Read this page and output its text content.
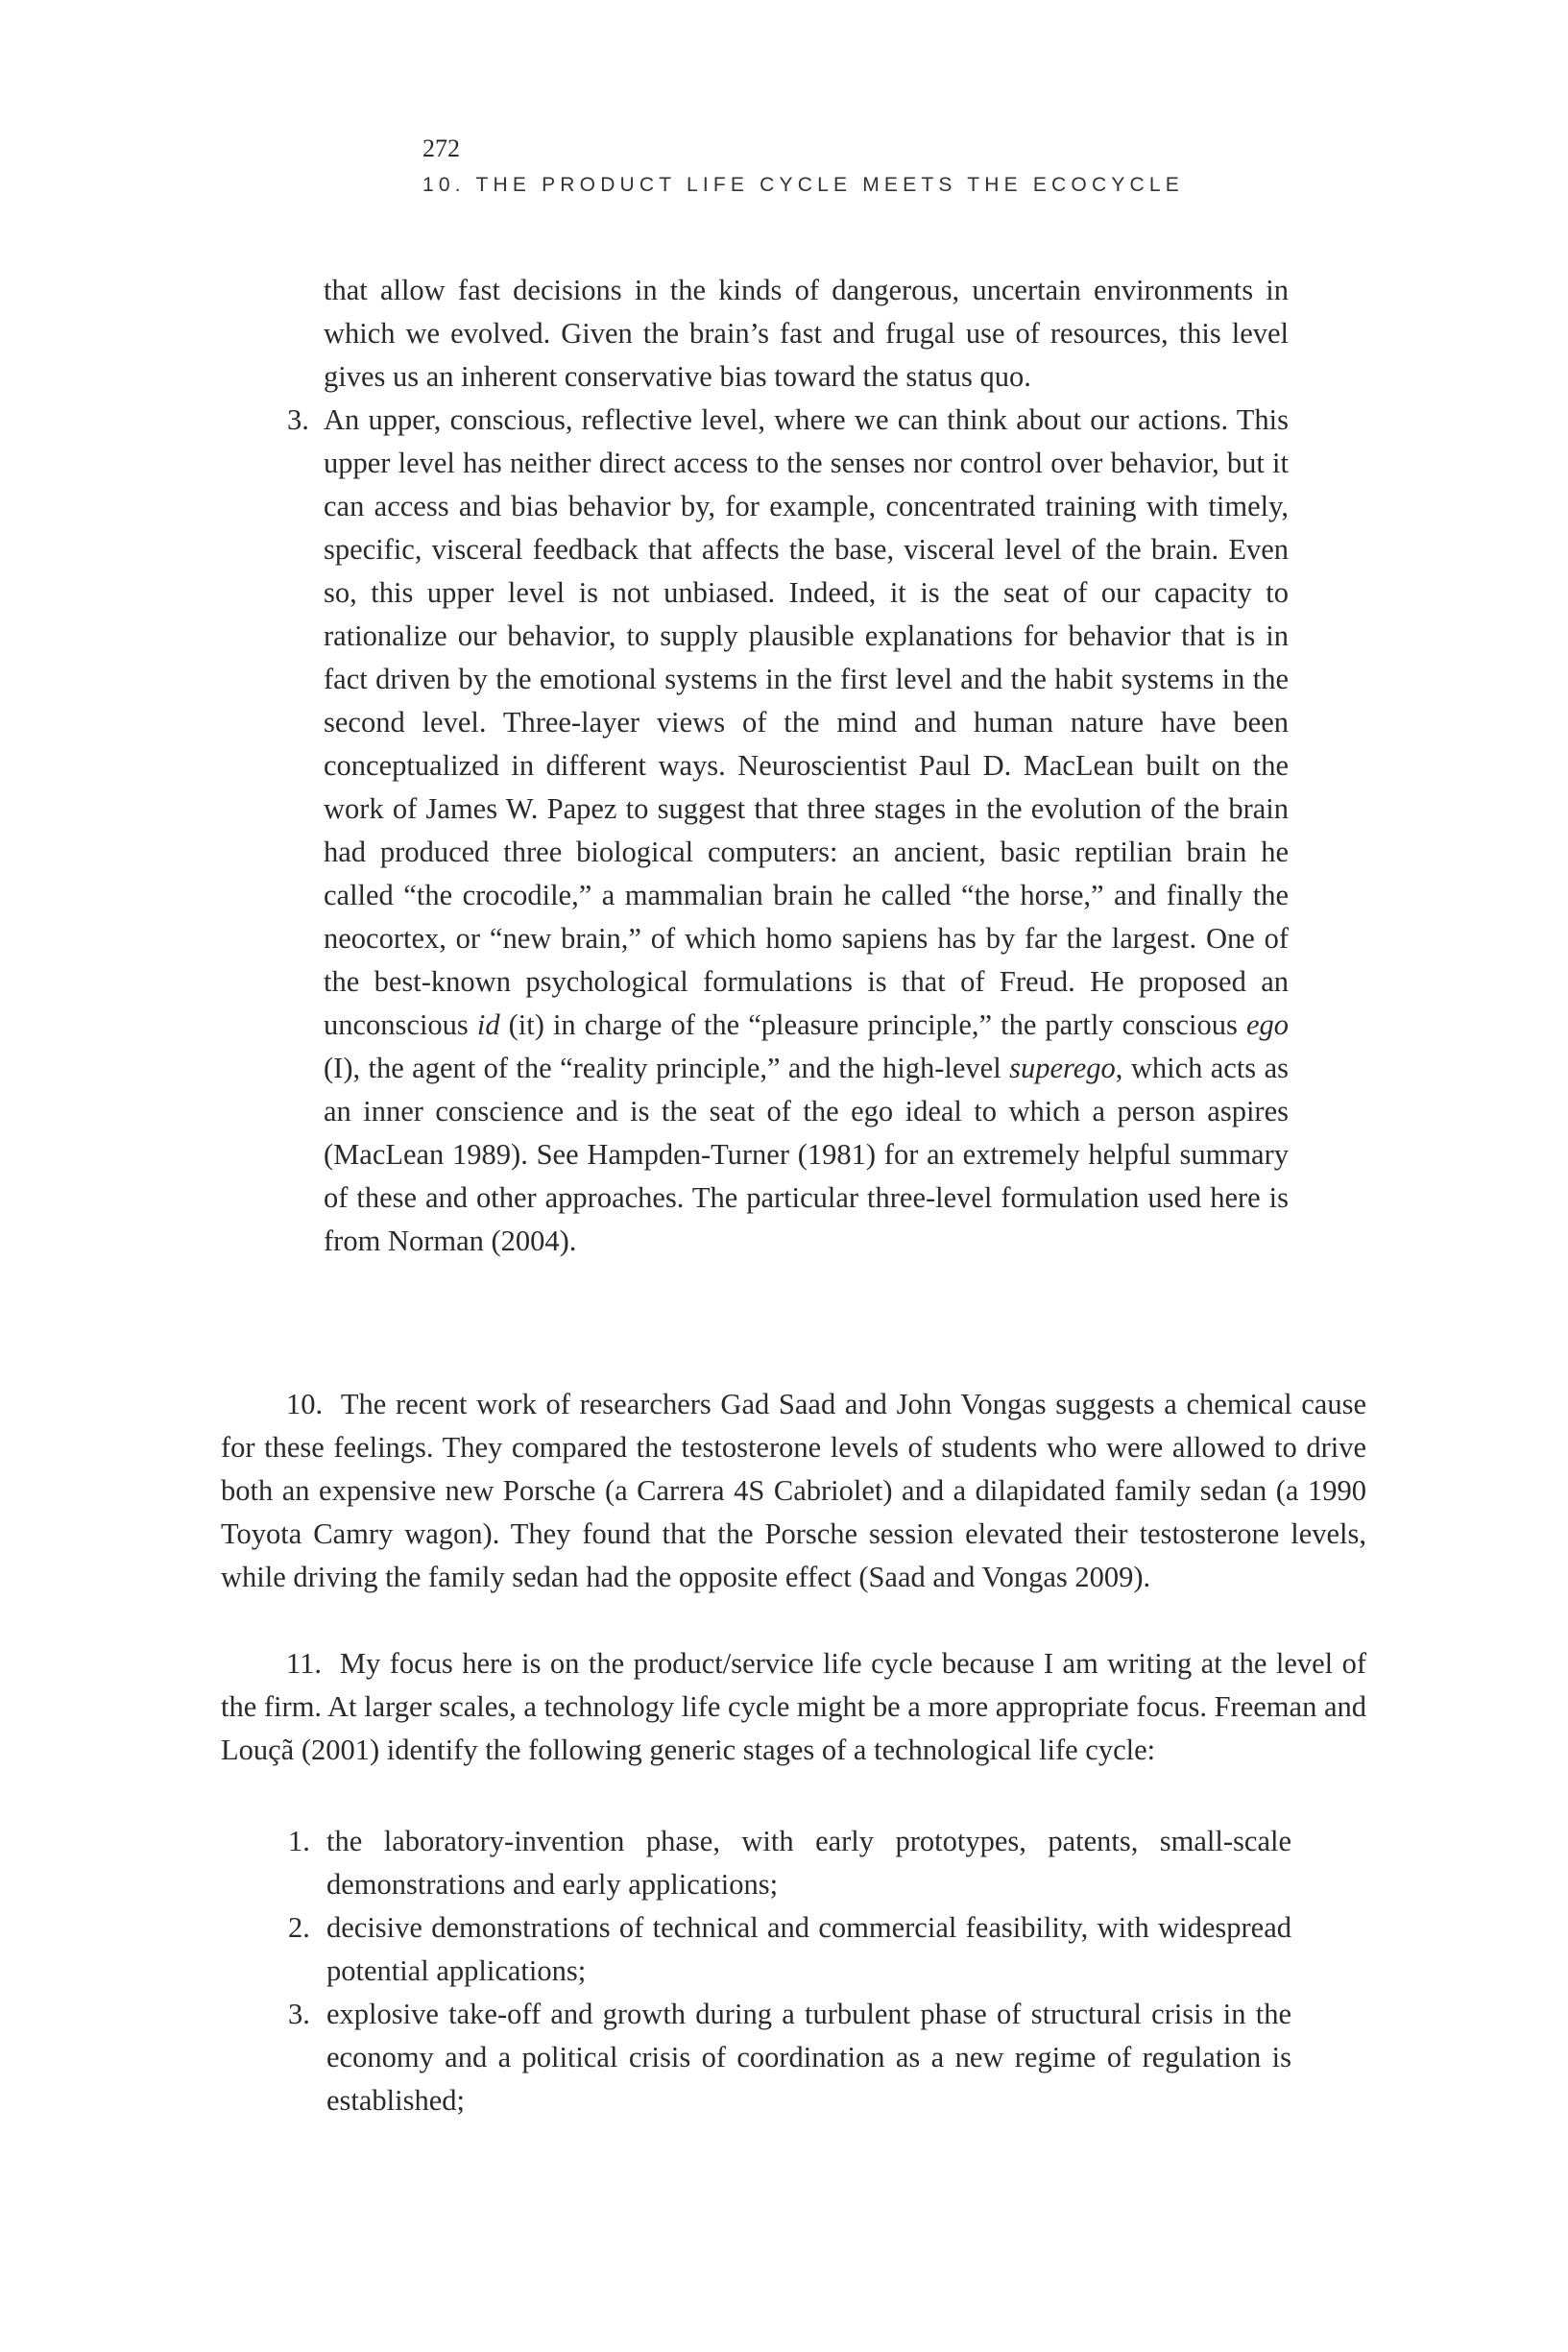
272
10. THE PRODUCT LIFE CYCLE MEETS THE ECOCYCLE

that allow fast decisions in the kinds of dangerous, uncertain environments in which we evolved. Given the brain’s fast and frugal use of resources, this level gives us an inherent conservative bias toward the status quo.

3. An upper, conscious, reflective level, where we can think about our actions. This upper level has neither direct access to the senses nor control over behavior, but it can access and bias behavior by, for example, concentrated training with timely, specific, visceral feedback that affects the base, visceral level of the brain. Even so, this upper level is not unbiased. Indeed, it is the seat of our capacity to rationalize our behavior, to supply plausible explanations for behavior that is in fact driven by the emotional systems in the first level and the habit systems in the second level. Three-layer views of the mind and human nature have been conceptualized in different ways. Neuroscientist Paul D. MacLean built on the work of James W. Papez to suggest that three stages in the evolution of the brain had produced three biological computers: an ancient, basic reptilian brain he called “the crocodile,” a mammalian brain he called “the horse,” and finally the neocortex, or “new brain,” of which homo sapiens has by far the largest. One of the best-known psychological formulations is that of Freud. He proposed an unconscious id (it) in charge of the “pleasure principle,” the partly conscious ego (I), the agent of the “reality principle,” and the high-level superego, which acts as an inner conscience and is the seat of the ego ideal to which a person aspires (MacLean 1989). See Hampden-Turner (1981) for an extremely helpful summary of these and other approaches. The particular three-level formulation used here is from Norman (2004).

10. The recent work of researchers Gad Saad and John Vongas suggests a chemical cause for these feelings. They compared the testosterone levels of students who were allowed to drive both an expensive new Porsche (a Carrera 4S Cabriolet) and a dilapidated family sedan (a 1990 Toyota Camry wagon). They found that the Porsche session elevated their testosterone levels, while driving the family sedan had the opposite effect (Saad and Vongas 2009).

11. My focus here is on the product/service life cycle because I am writing at the level of the firm. At larger scales, a technology life cycle might be a more appropriate focus. Freeman and Louçã (2001) identify the following generic stages of a technological life cycle:

1. the laboratory-invention phase, with early prototypes, patents, small-scale demonstrations and early applications;
2. decisive demonstrations of technical and commercial feasibility, with widespread potential applications;
3. explosive take-off and growth during a turbulent phase of structural crisis in the economy and a political crisis of coordination as a new regime of regulation is established;
